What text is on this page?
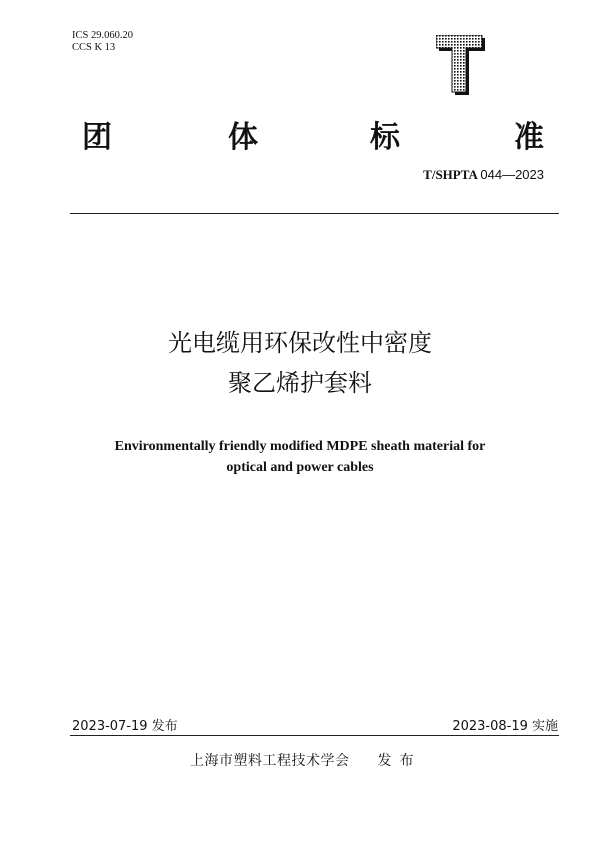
ICS 29.060.20
CCS K 13
团	体	标	准
T/SHPTA 044—2023
光电缆用环保改性中密度
聚乙烯护套料
Environmentally friendly modified MDPE sheath material for
optical and power cables
2023-07-19 发布	2023-08-19 实施
上海市塑料工程技术学会 发布
